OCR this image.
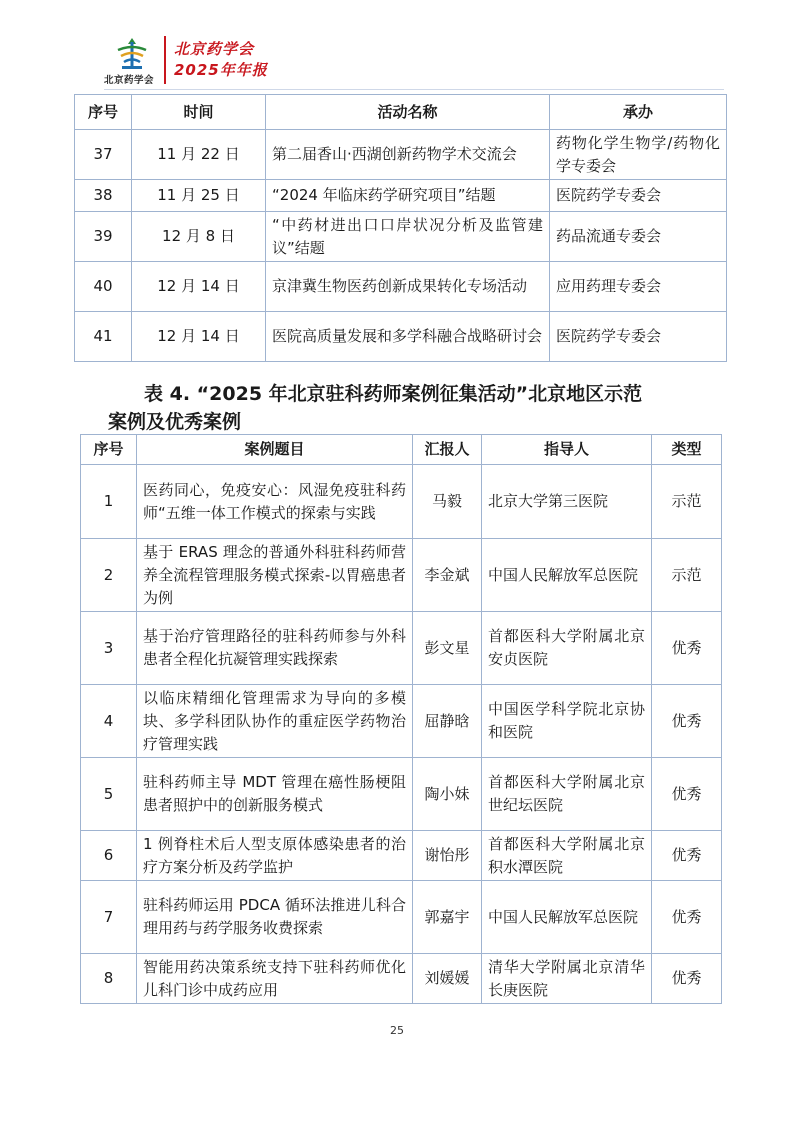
北京药学会
北京药学会
2025年年报
序号	时间	活动名称	承办
37	11 月 22 日	第二届香山·西湖创新药物学术交流会	药物化学生物学/药物化学专委会
38	11 月 25 日	“2024 年临床药学研究项目”结题	医院药学专委会
39	12 月 8 日	“中药材进出口口岸状况分析及监管建议”结题	药品流通专委会
40	12 月 14 日	京津冀生物医药创新成果转化专场活动	应用药理专委会
41	12 月 14 日	医院高质量发展和多学科融合战略研讨会	医院药学专委会
表 4. “2025 年北京驻科药师案例征集活动”北京地区示范
案例及优秀案例
序号	案例题目	汇报人	指导人	类型
1	医药同心，免疫安心：风湿免疫驻科药师“五维一体工作模式的探索与实践	马毅	北京大学第三医院	示范
2	基于 ERAS 理念的普通外科驻科药师营养全流程管理服务模式探索-以胃癌患者为例	李金斌	中国人民解放军总医院	示范
3	基于治疗管理路径的驻科药师参与外科患者全程化抗凝管理实践探索	彭文星	首都医科大学附属北京安贞医院	优秀
4	以临床精细化管理需求为导向的多模块、多学科团队协作的重症医学药物治疗管理实践	屈静晗	中国医学科学院北京协和医院	优秀
5	驻科药师主导 MDT 管理在癌性肠梗阻患者照护中的创新服务模式	陶小妹	首都医科大学附属北京世纪坛医院	优秀
6	1 例脊柱术后人型支原体感染患者的治疗方案分析及药学监护	谢怡彤	首都医科大学附属北京积水潭医院	优秀
7	驻科药师运用 PDCA 循环法推进儿科合理用药与药学服务收费探索	郭嘉宇	中国人民解放军总医院	优秀
8	智能用药决策系统支持下驻科药师优化儿科门诊中成药应用	刘媛媛	清华大学附属北京清华长庚医院	优秀
25
